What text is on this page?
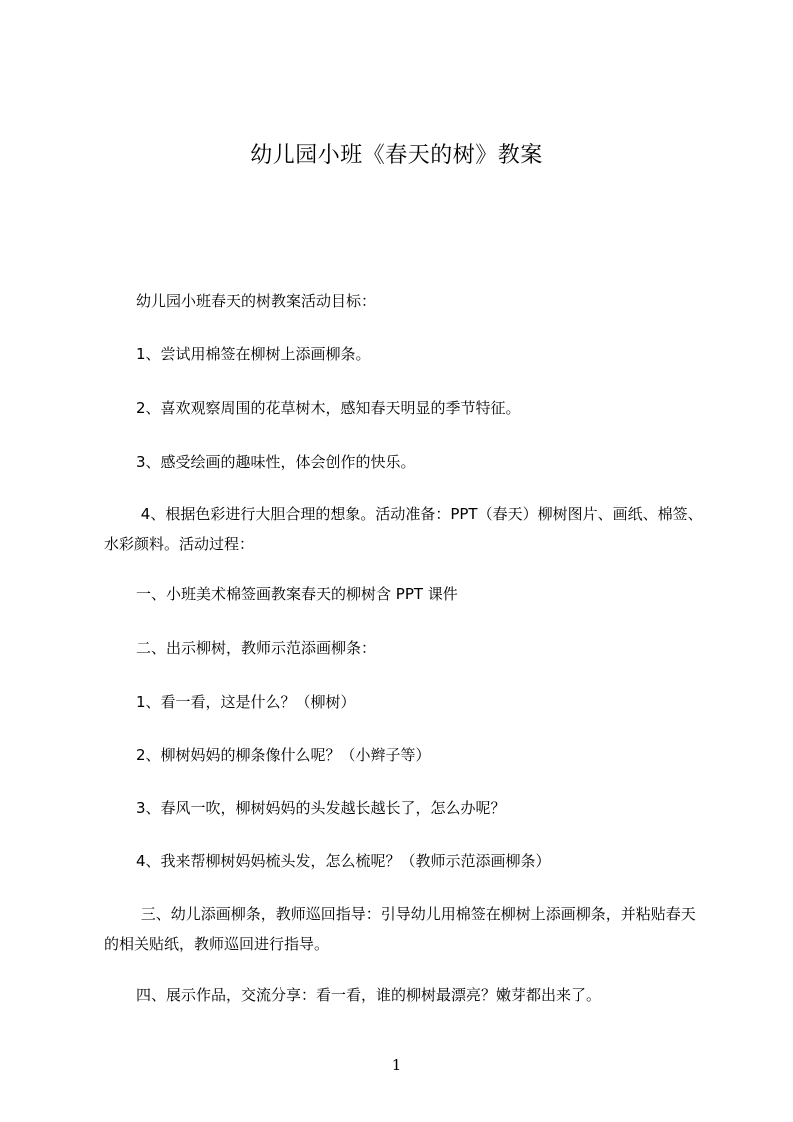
幼儿园小班《春天的树》教案
幼儿园小班春天的树教案活动目标：
1、尝试用棉签在柳树上添画柳条。
2、喜欢观察周围的花草树木，感知春天明显的季节特征。
3、感受绘画的趣味性，体会创作的快乐。
4、根据色彩进行大胆合理的想象。活动准备：PPT（春天）柳树图片、画纸、棉签、水彩颜料。活动过程：
一、小班美术棉签画教案春天的柳树含 PPT 课件
二、出示柳树，教师示范添画柳条：
1、看一看，这是什么？（柳树）
2、柳树妈妈的柳条像什么呢？（小辫子等）
3、春风一吹，柳树妈妈的头发越长越长了，怎么办呢？
4、我来帮柳树妈妈梳头发，怎么梳呢？（教师示范添画柳条）
三、幼儿添画柳条，教师巡回指导：引导幼儿用棉签在柳树上添画柳条，并粘贴春天的相关贴纸，教师巡回进行指导。
四、展示作品，交流分享：看一看，谁的柳树最漂亮？嫩芽都出来了。
1
